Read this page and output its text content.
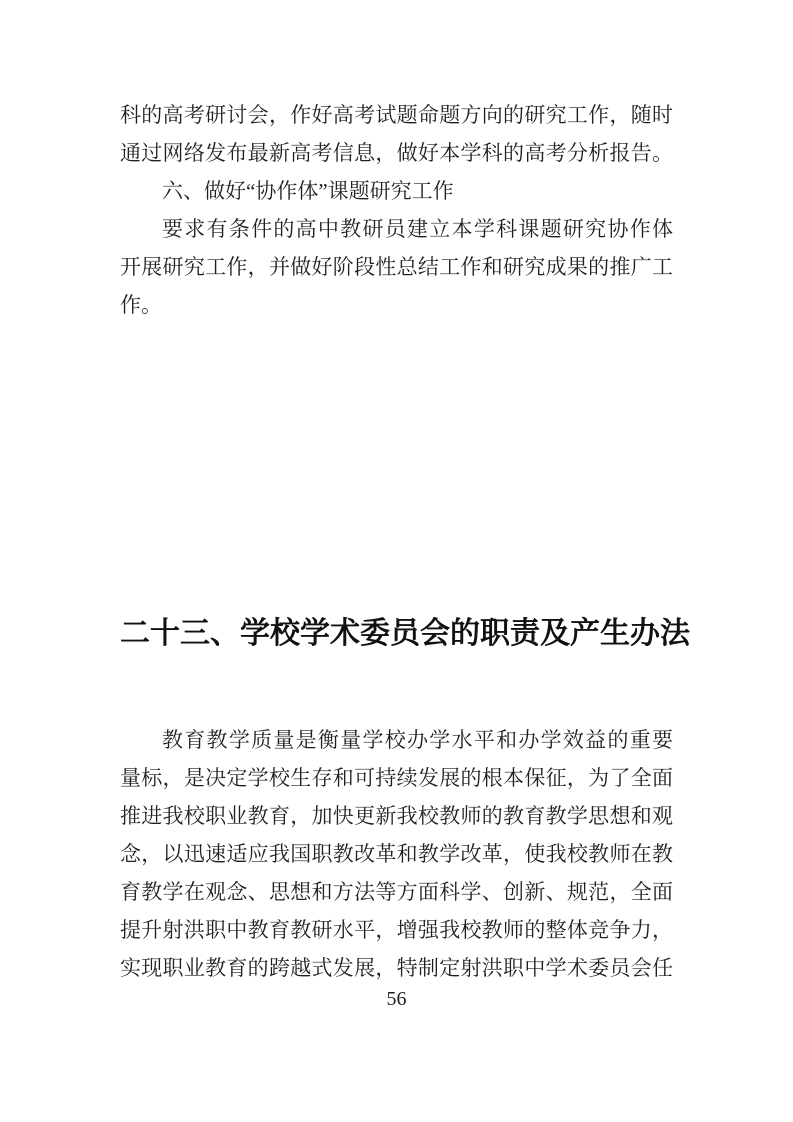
科的高考研讨会，作好高考试题命题方向的研究工作，随时
通过网络发布最新高考信息，做好本学科的高考分析报告。
六、做好“协作体”课题研究工作
要求有条件的高中教研员建立本学科课题研究协作体
开展研究工作，并做好阶段性总结工作和研究成果的推广工
作。
二十三、学校学术委员会的职责及产生办法
教育教学质量是衡量学校办学水平和办学效益的重要
量标，是决定学校生存和可持续发展的根本保征，为了全面
推进我校职业教育，加快更新我校教师的教育教学思想和观
念，以迅速适应我国职教改革和教学改革，使我校教师在教
育教学在观念、思想和方法等方面科学、创新、规范，全面
提升射洪职中教育教研水平，增强我校教师的整体竞争力，
实现职业教育的跨越式发展，特制定射洪职中学术委员会任
56
